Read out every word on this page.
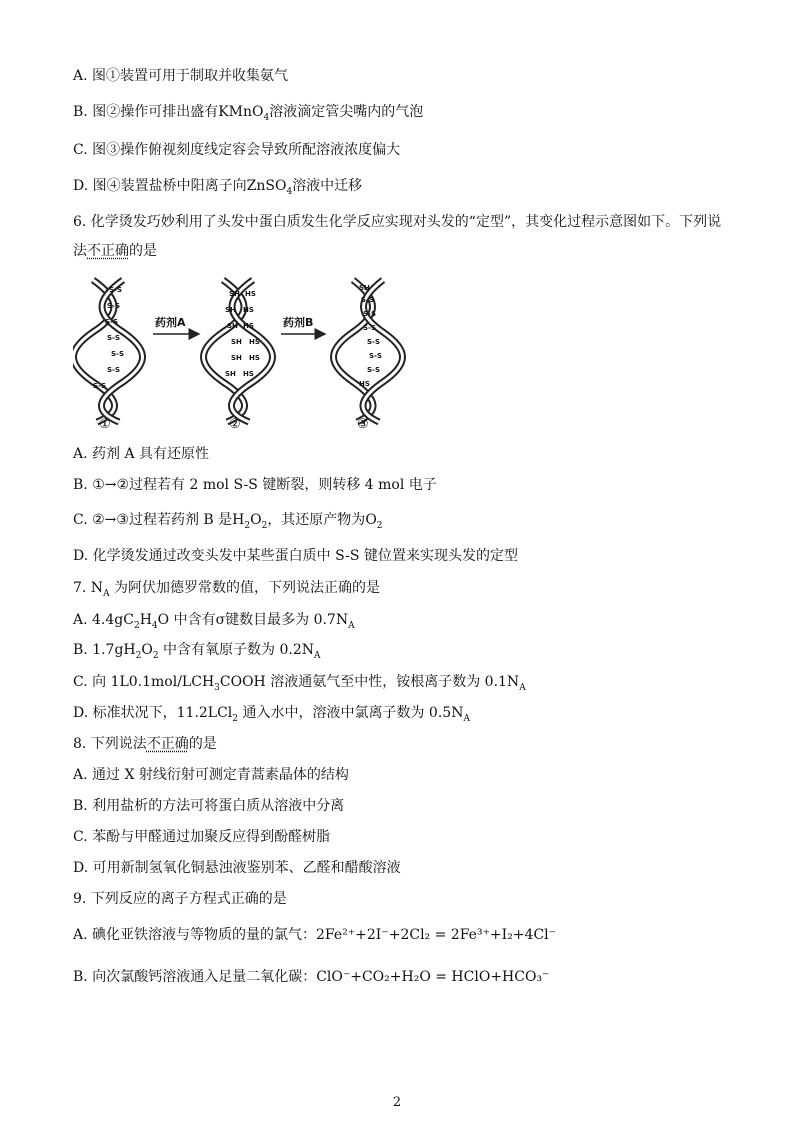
A. 图①装置可用于制取并收集氨气
B. 图②操作可排出盛有KMnO$_4$溶液滴定管尖嘴内的气泡
C. 图③操作俯视刻度线定容会导致所配溶液浓度偏大
D. 图④装置盐桥中阳离子向ZnSO$_4$溶液中迁移
6. 化学烫发巧妙利用了头发中蛋白质发生化学反应实现对头发的“定型”，其变化过程示意图如下。下列说
法不正确的是
S-S
S-S
S-S
S-S
S-S
S-S
S-S
药剂A
SH HS
SH HS
SH HS
SH HS
SH HS
SH HS
药剂B
SH
S-S
S-S
S-S
S-S
S-S
S-S
HS
①	②	③
A. 药剂 A 具有还原性
B. ①→②过程若有 2 mol S-S 键断裂，则转移 4 mol 电子
C. ②→③过程若药剂 B 是$H_2O_2$，其还原产物为$O_2$
D. 化学烫发通过改变头发中某些蛋白质中 S-S 键位置来实现头发的定型
7. $N_A$ 为阿伏加德罗常数的值，下列说法正确的是
A. $4.4gC_2H_4O$ 中含有σ键数目最多为 $0.7N_A$
B. $1.7gH_2O_2$ 中含有氧原子数为 $0.2N_A$
C. 向 $1L0.1mol/LCH_3COOH$ 溶液通氨气至中性，铵根离子数为 $0.1N_A$
D. 标准状况下，11.2LCl$_2$ 通入水中，溶液中氯离子数为 $0.5N_A$
8. 下列说法不正确的是
A. 通过 X 射线衍射可测定青蒿素晶体的结构
B. 利用盐析的方法可将蛋白质从溶液中分离
C. 苯酚与甲醛通过加聚反应得到酚醛树脂
D. 可用新制氢氧化铜悬浊液鉴别苯、乙醛和醋酸溶液
9. 下列反应的离子方程式正确的是
A. 碘化亚铁溶液与等物质的量的氯气：2Fe²⁺+2I⁻+2Cl₂ = 2Fe³⁺+I₂+4Cl⁻
B. 向次氯酸钙溶液通入足量二氧化碳：ClO⁻+CO₂+H₂O = HClO+HCO₃⁻
2
